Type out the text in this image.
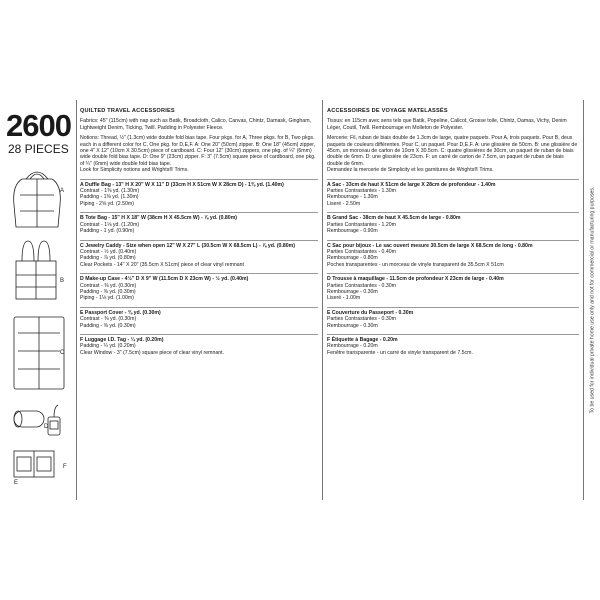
2600
28 PIECES
To be used for individual private home use only and not for commercial or manufacturing purposes.
A
B
C
D
E
F

QUILTED TRAVEL ACCESSORIES

Fabrics: 45" (115cm) with nap such as Batik, Broadcloth, Calico, Canvas, Chintz, Damask, Gingham, Lightweight Denim, Ticking, Twill. Padding in Polyester Fleece.

Notions: Thread, ½" (1.3cm) wide double fold bias tape. Four pkgs. for A, Three pkgs. for B, Two pkgs. each in a different color for C, One pkg. for D,E,F. A: One 20" (50cm) zipper. B: One 18" (45cm) zipper, one 4" X 12" (10cm X 30.5cm) piece of cardboard. C: Four 12" (30cm) zippers, one pkg. of ¼" (6mm) wide double fold bias tape. D: One 9" (23cm) zipper. F: 3" (7.5cm) square piece of cardboard, one pkg. of ¼" (6mm) wide double fold bias tape.

Look for Simplicity notions and Wrights® Trims.

A Duffle Bag - 13" H X 20" W X 11" D (33cm H X 51cm W X 28cm D) - 1⅜ yd. (1.40m)

Contrast - 1⅜ yd. (1.30m)

Padding - 1⅜ yd. (1.30m)

Piping - 2⅝ yd. (2.50m)

B Tote Bag - 15" H X 18" W (38cm H X 45.5cm W) - ⅞ yd. (0.80m)

Contrast - 1⅛ yd. (1.20m)

Padding - 1 yd. (0.90m)

C Jewelry Caddy - Size when open 12" W X 27" L (30.5cm W X 68.5cm L) - ⅞ yd. (0.80m)

Contrast - ½ yd. (0.40m)

Padding - ⅞ yd. (0.80m)

Clear Pockets - 14" X 20" (35.5cm X 51cm) piece of clear vinyl remnant

D Make-up Case - 4½" D X 9" W (11.5cm D X 23cm W) - ½ yd. (0.40m)

Contrast - ⅜ yd. (0.30m)

Padding - ⅜ yd. (0.30m)

Piping - 1⅛ yd. (1.00m)

E Passport Cover - ⅜ yd. (0.30m)

Contrast - ⅜ yd. (0.30m)

Padding - ⅜ yd. (0.30m)

F Luggage I.D. Tag - ¼ yd. (0.20m)

Padding - ¼ yd. (0.20m)

Clear Window - 3" (7.5cm) square piece of clear vinyl remnant.

ACCESSOIRES DE VOYAGE MATELASSÉS

Tissus: en 115cm avec sens tels que Batik, Popeline, Calicot, Grosse toile, Chintz, Damas, Vichy, Denim Léger, Coutil, Twill. Rembourrage en Molleton de Polyester.

Mercerie: Fil, ruban de biais double de 1.3cm de large, quatre paquets. Pour A, trois paquets. Pour B, deux paquets de couleurs différentes. Pour C, un paquet. Pour D,E,F. A: une glissière de 50cm. B: une glissière de 45cm, un morceau de carton de 10cm X 30.5cm. C: quatre glissières de 30cm, un paquet de ruban de biais double de 6mm. D: une glissière de 23cm. F: un carré de carton de 7.5cm, un paquet de ruban de biais double de 6mm.

Demandez la mercerie de Simplicity et les garnitures de Wrights® Trims.

A Sac - 33cm de haut X 51cm de large X 28cm de profondeur - 1.40m

Parties Contrastantes - 1.30m

Rembourrage - 1.30m

Liseré - 2.50m

B Grand Sac - 38cm de haut X 45.5cm de large - 0.80m

Parties Contrastantes - 1.20m

Rembourrage - 0.90m

C Sac pour bijoux - Le sac ouvert mesure 30.5cm de large X 68.5cm de long - 0.80m

Parties Contrastantes - 0.40m

Rembourrage - 0.80m

Poches transparentes - un morceau de vinyle transparent de 35.5cm X 51cm

D Trousse à maquillage - 11.5cm de profondeur X 23cm de large - 0.40m

Parties Contrastantes - 0.30m

Rembourrage - 0.30m

Liseré - 1.00m

E Couverture du Passeport - 0.30m

Parties Contrastantes - 0.30m

Rembourrage - 0.30m

F Étiquette à Bagage - 0.20m

Rembourrage - 0.20m

Fenêtre transparente - un carré de vinyle transparent de 7.5cm.
